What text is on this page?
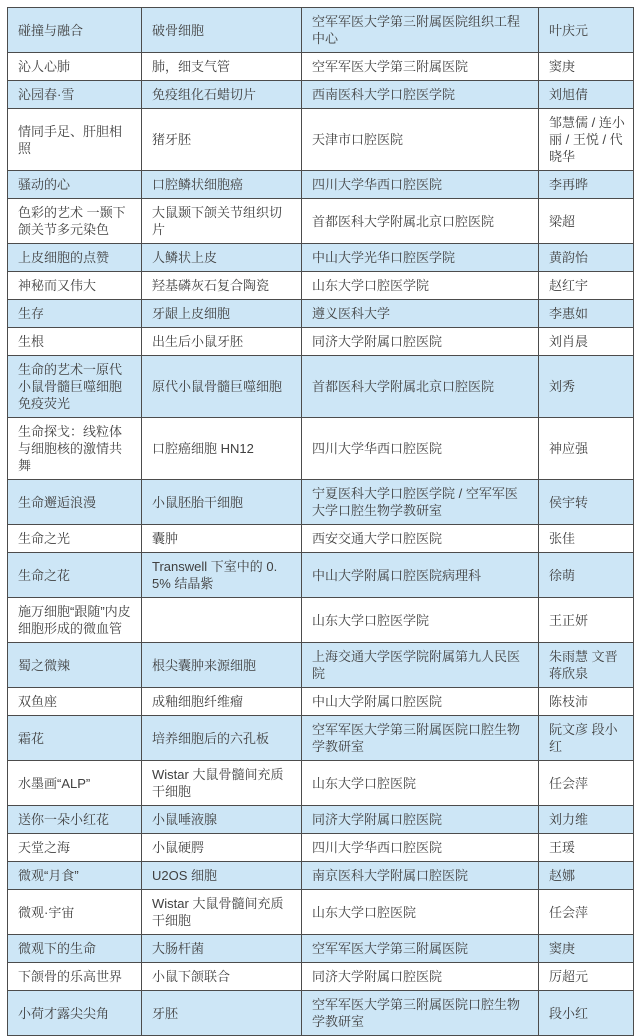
碰撞与融合	破骨细胞	空军军医大学第三附属医院组织工程中心	叶庆元
沁人心肺	肺，细支气管	空军军医大学第三附属医院	窦庚
沁园春·雪	免疫组化石蜡切片	西南医科大学口腔医学院	刘旭倩
情同手足、肝胆相照	猪牙胚	天津市口腔医院	邹慧儒 / 连小丽 / 王悦 / 代晓华
骚动的心	口腔鳞状细胞癌	四川大学华西口腔医院	李再晔
色彩的艺术 一颞下颌关节多元染色	大鼠颞下颌关节组织切片	首都医科大学附属北京口腔医院	梁超
上皮细胞的点赞	人鳞状上皮	中山大学光华口腔医学院	黄韵怡
神秘而又伟大	羟基磷灰石复合陶瓷	山东大学口腔医学院	赵红宇
生存	牙龈上皮细胞	遵义医科大学	李惠如
生根	出生后小鼠牙胚	同济大学附属口腔医院	刘肖晨
生命的艺术一原代小鼠骨髓巨噬细胞免疫荧光	原代小鼠骨髓巨噬细胞	首都医科大学附属北京口腔医院	刘秀
生命探戈：线粒体与细胞核的激情共舞	口腔癌细胞 HN12	四川大学华西口腔医院	神应强
生命邂逅浪漫	小鼠胚胎干细胞	宁夏医科大学口腔医学院 / 空军军医大学口腔生物学教研室	侯宇转
生命之光	囊肿	西安交通大学口腔医院	张佳
生命之花	Transwell 下室中的 0.5% 结晶紫	中山大学附属口腔医院病理科	徐萌
施万细胞“跟随”内皮细胞形成的微血管		山东大学口腔医学院	王正妍
蜀之微辣	根尖囊肿来源细胞	上海交通大学医学院附属第九人民医院	朱雨慧 文晋 蒋欣泉
双鱼座	成釉细胞纤维瘤	中山大学附属口腔医院	陈枝沛
霜花	培养细胞后的六孔板	空军军医大学第三附属医院口腔生物学教研室	阮文彦 段小红
水墨画“ALP”	Wistar 大鼠骨髓间充质干细胞	山东大学口腔医院	任会萍
送你一朵小红花	小鼠唾液腺	同济大学附属口腔医院	刘力维
天堂之海	小鼠硬腭	四川大学华西口腔医院	王瑗
微观“月食”	U2OS 细胞	南京医科大学附属口腔医院	赵娜
微观·宇宙	Wistar 大鼠骨髓间充质干细胞	山东大学口腔医院	任会萍
微观下的生命	大肠杆菌	空军军医大学第三附属医院	窦庚
下颌骨的乐高世界	小鼠下颌联合	同济大学附属口腔医院	厉超元
小荷才露尖尖角	牙胚	空军军医大学第三附属医院口腔生物学教研室	段小红
